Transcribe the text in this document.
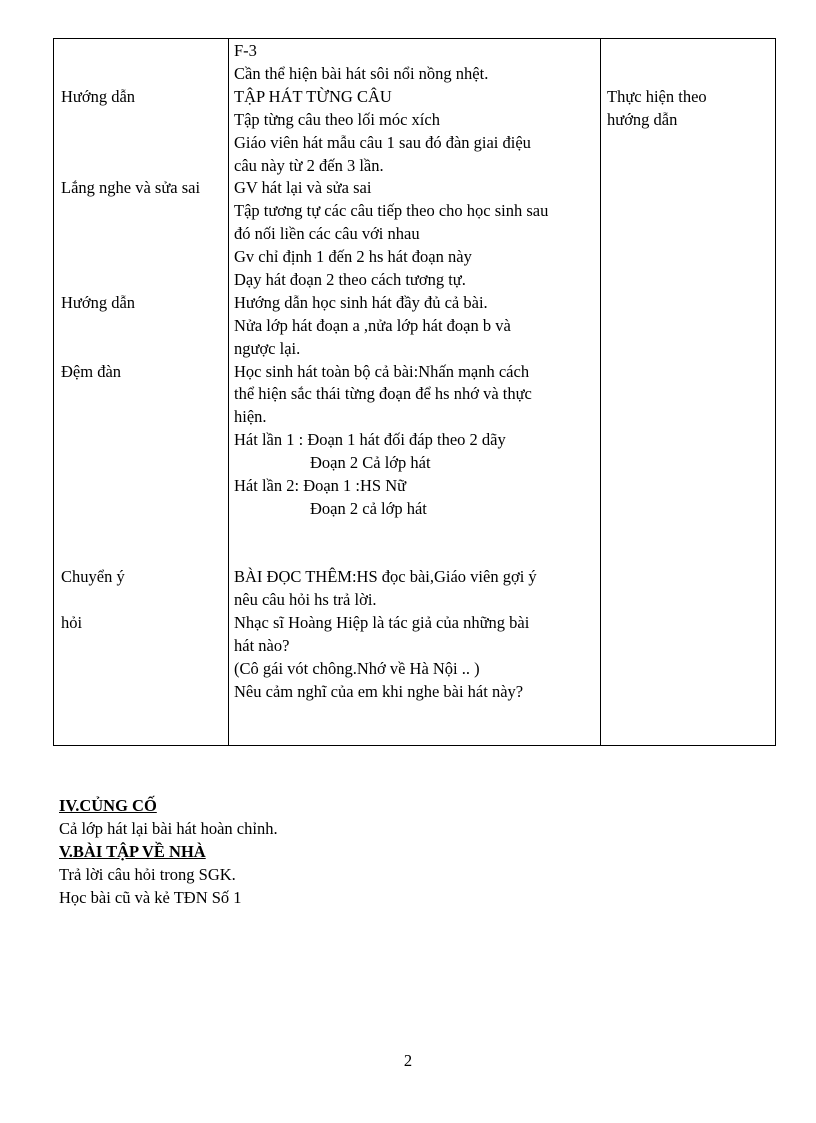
Hướng dẫn
Lắng nghe và sửa sai
Hướng dẫn
Đệm đàn
Chuyển ý
hỏi
F-3
Cần thể hiện bài hát sôi nổi nồng nhệt.
TẬP HÁT TỪNG CÂU
Tập từng câu theo lối móc xích
Giáo viên hát mẫu câu 1 sau đó đàn giai điệu
câu này từ 2 đến 3 lần.
GV hát lại và sửa sai
Tập tương tự các câu tiếp theo cho học sinh sau
đó nối liền các câu với nhau
Gv chỉ định 1 đến 2 hs hát đoạn này
Dạy hát đoạn 2 theo cách tương tự.
Hướng dẫn học sinh hát đầy đủ cả bài.
Nửa lớp hát đoạn a ,nửa lớp hát đoạn b và
ngược lại.
Học sinh hát toàn bộ cả bài:Nhấn mạnh cách
thể hiện sắc thái từng đoạn để hs nhớ và thực
hiện.
Hát lần 1 : Đoạn 1 hát đối đáp theo 2 dãy
Đoạn 2 Cả lớp hát
Hát lần 2: Đoạn 1 :HS Nữ
Đoạn 2 cả lớp hát
BÀI ĐỌC THÊM:HS đọc bài,Giáo viên gợi ý
nêu câu hỏi hs trả lời.
Nhạc sĩ Hoàng Hiệp là tác giả của những bài
hát nào?
(Cô gái vót chông.Nhớ về Hà Nội .. )
Nêu cảm nghĩ của em khi nghe bài hát này?
Thực hiện theo
hướng dẫn
IV.CỦNG CỐ
Cả lớp hát lại bài hát hoàn chỉnh.
V.BÀI TẬP VỀ NHÀ
Trả lời câu hỏi trong SGK.
Học bài cũ và kẻ TĐN Số 1
2
